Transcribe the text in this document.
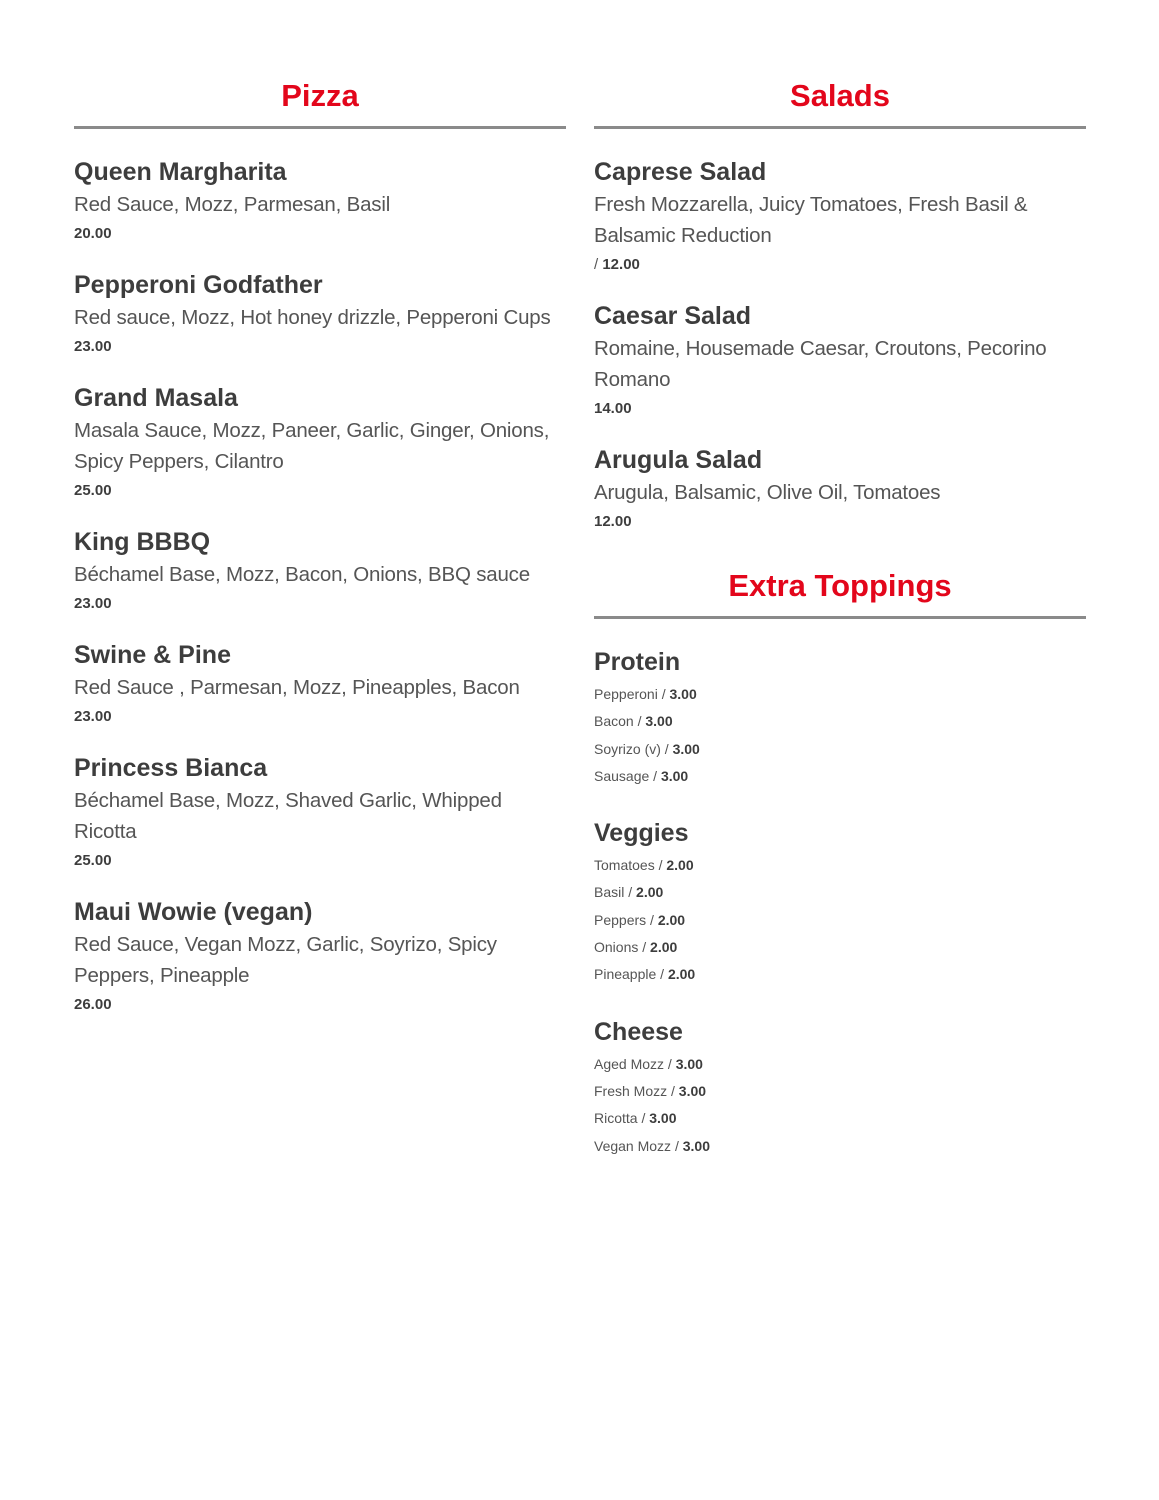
Pizza
Queen Margharita
Red Sauce, Mozz, Parmesan, Basil
20.00
Pepperoni Godfather
Red sauce, Mozz, Hot honey drizzle, Pepperoni Cups
23.00
Grand Masala
Masala Sauce, Mozz, Paneer, Garlic, Ginger, Onions, Spicy Peppers, Cilantro
25.00
King BBBQ
Béchamel Base, Mozz, Bacon, Onions, BBQ sauce
23.00
Swine & Pine
Red Sauce , Parmesan, Mozz, Pineapples, Bacon
23.00
Princess Bianca
Béchamel Base, Mozz, Shaved Garlic, Whipped Ricotta
25.00
Maui Wowie (vegan)
Red Sauce, Vegan Mozz, Garlic, Soyrizo, Spicy Peppers, Pineapple
26.00
Salads
Caprese Salad
Fresh Mozzarella, Juicy Tomatoes, Fresh Basil & Balsamic Reduction
/ 12.00
Caesar Salad
Romaine, Housemade Caesar, Croutons, Pecorino Romano
14.00
Arugula Salad
Arugula, Balsamic, Olive Oil, Tomatoes
12.00
Extra Toppings
Protein
Pepperoni / 3.00
Bacon / 3.00
Soyrizo (v) / 3.00
Sausage / 3.00
Veggies
Tomatoes / 2.00
Basil / 2.00
Peppers / 2.00
Onions / 2.00
Pineapple / 2.00
Cheese
Aged Mozz / 3.00
Fresh Mozz / 3.00
Ricotta / 3.00
Vegan Mozz / 3.00
